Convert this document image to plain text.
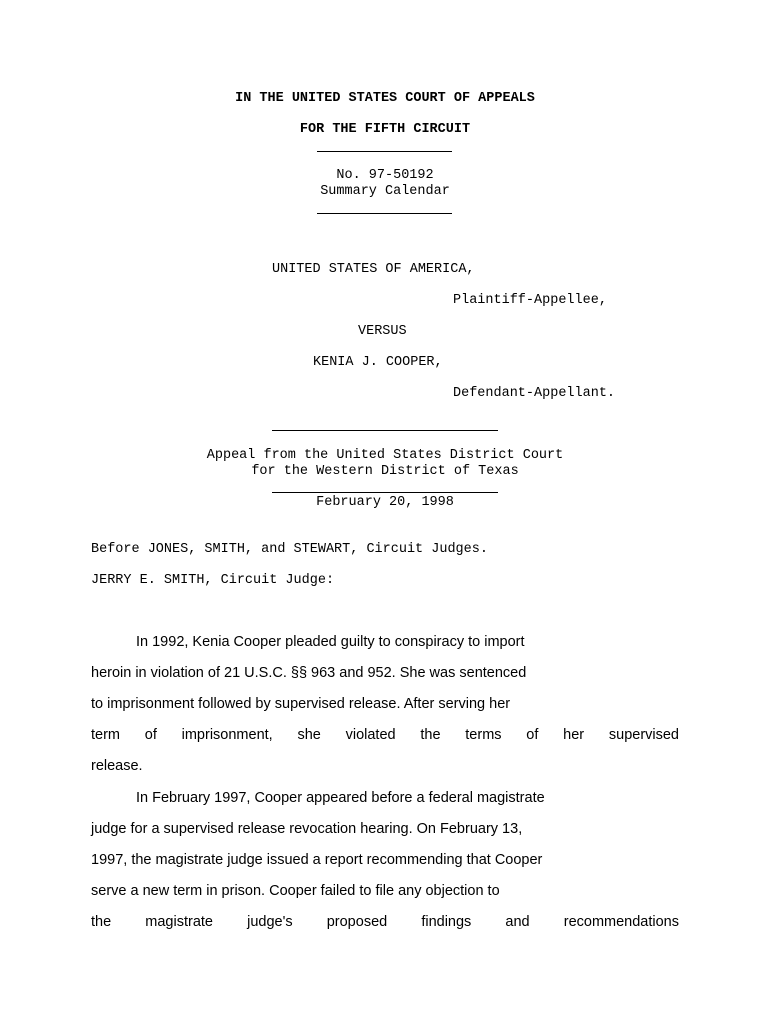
IN THE UNITED STATES COURT OF APPEALS
FOR THE FIFTH CIRCUIT
No. 97-50192
Summary Calendar
UNITED STATES OF AMERICA,
Plaintiff-Appellee,
VERSUS
KENIA J. COOPER,
Defendant-Appellant.
Appeal from the United States District Court
for the Western District of Texas
February 20, 1998
Before JONES, SMITH, and STEWART, Circuit Judges.
JERRY E. SMITH, Circuit Judge:
In 1992, Kenia Cooper pleaded guilty to conspiracy to import
heroin in violation of 21 U.S.C. §§ 963 and 952. She was sentenced
to imprisonment followed by supervised release. After serving her
term of imprisonment, she violated the terms of her supervised
release.
In February 1997, Cooper appeared before a federal magistrate
judge for a supervised release revocation hearing. On February 13,
1997, the magistrate judge issued a report recommending that Cooper
serve a new term in prison. Cooper failed to file any objection to
the magistrate judge's proposed findings and recommendations
